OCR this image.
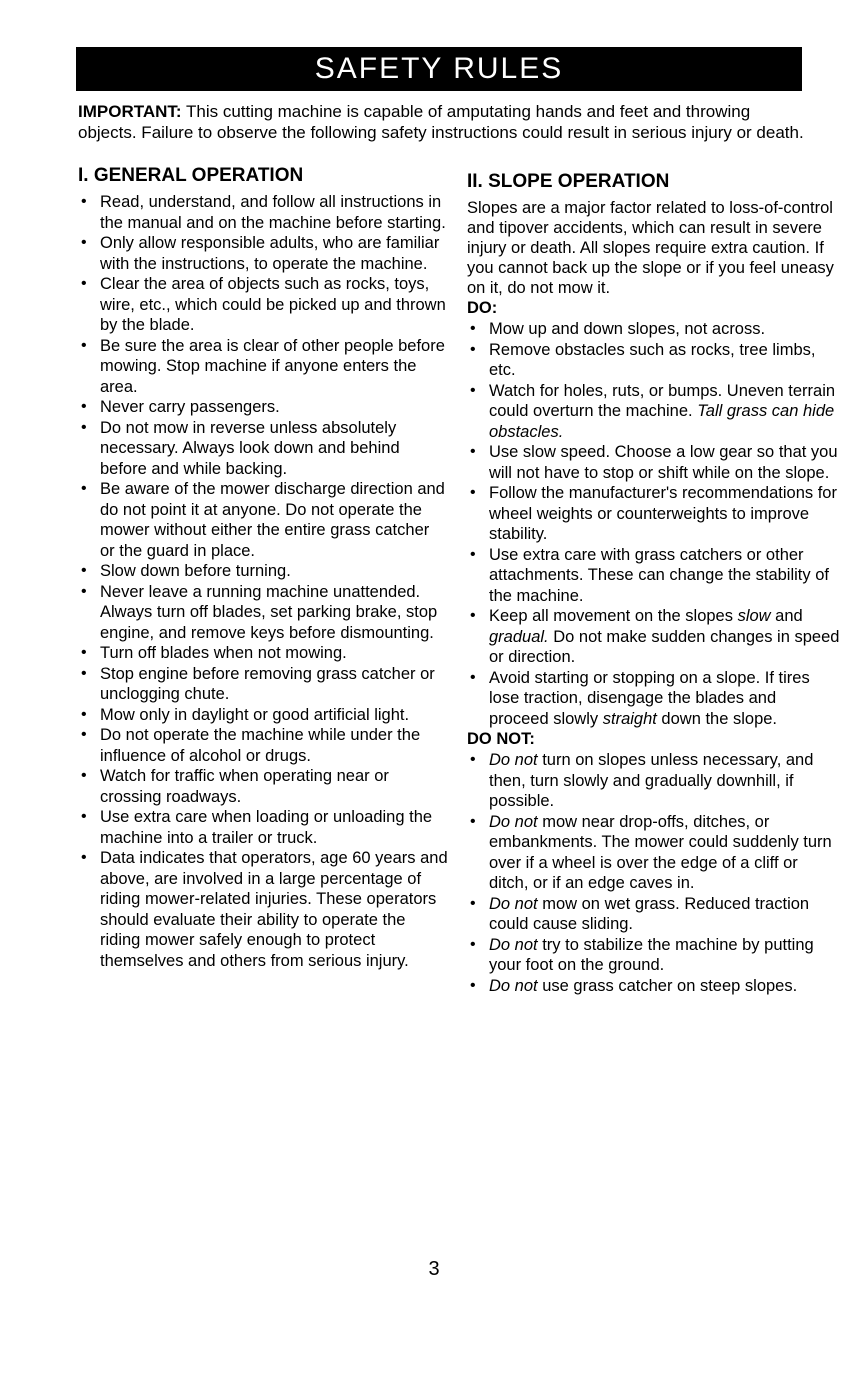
SAFETY RULES
IMPORTANT: This cutting machine is capable of amputating hands and feet and throwing objects. Failure to observe the following safety instructions could result in serious injury or death.
I. GENERAL OPERATION
• Read, understand, and follow all instructions in the manual and on the machine before starting.
• Only allow responsible adults, who are familiar with the instructions, to operate the machine.
• Clear the area of objects such as rocks, toys, wire, etc., which could be picked up and thrown by the blade.
• Be sure the area is clear of other people before mowing. Stop machine if anyone enters the area.
• Never carry passengers.
• Do not mow in reverse unless absolutely necessary. Always look down and behind before and while backing.
• Be aware of the mower discharge direction and do not point it at anyone. Do not operate the mower without either the entire grass catcher or the guard in place.
• Slow down before turning.
• Never leave a running machine unattended. Always turn off blades, set parking brake, stop engine, and remove keys before dismounting.
• Turn off blades when not mowing.
• Stop engine before removing grass catcher or unclogging chute.
• Mow only in daylight or good artificial light.
• Do not operate the machine while under the influence of alcohol or drugs.
• Watch for traffic when operating near or crossing roadways.
• Use extra care when loading or unloading the machine into a trailer or truck.
• Data indicates that operators, age 60 years and above, are involved in a large percentage of riding mower-related injuries. These operators should evaluate their ability to operate the riding mower safely enough to protect themselves and others from serious injury.
II. SLOPE OPERATION

Slopes are a major factor related to loss-of-control and tipover accidents, which can result in severe injury or death. All slopes require extra caution. If you cannot back up the slope or if you feel uneasy on it, do not mow it.

DO:
• Mow up and down slopes, not across.
• Remove obstacles such as rocks, tree limbs, etc.
• Watch for holes, ruts, or bumps. Uneven terrain could overturn the machine. Tall grass can hide obstacles.
• Use slow speed. Choose a low gear so that you will not have to stop or shift while on the slope.
• Follow the manufacturer's recommendations for wheel weights or counterweights to improve stability.
• Use extra care with grass catchers or other attachments. These can change the stability of the machine.
• Keep all movement on the slopes slow and gradual. Do not make sudden changes in speed or direction.
• Avoid starting or stopping on a slope. If tires lose traction, disengage the blades and proceed slowly straight down the slope.
DO NOT:
• Do not turn on slopes unless necessary, and then, turn slowly and gradually downhill, if possible.
• Do not mow near drop-offs, ditches, or embankments. The mower could suddenly turn over if a wheel is over the edge of a cliff or ditch, or if an edge caves in.
• Do not mow on wet grass. Reduced traction could cause sliding.
• Do not try to stabilize the machine by putting your foot on the ground.
• Do not use grass catcher on steep slopes.
3
